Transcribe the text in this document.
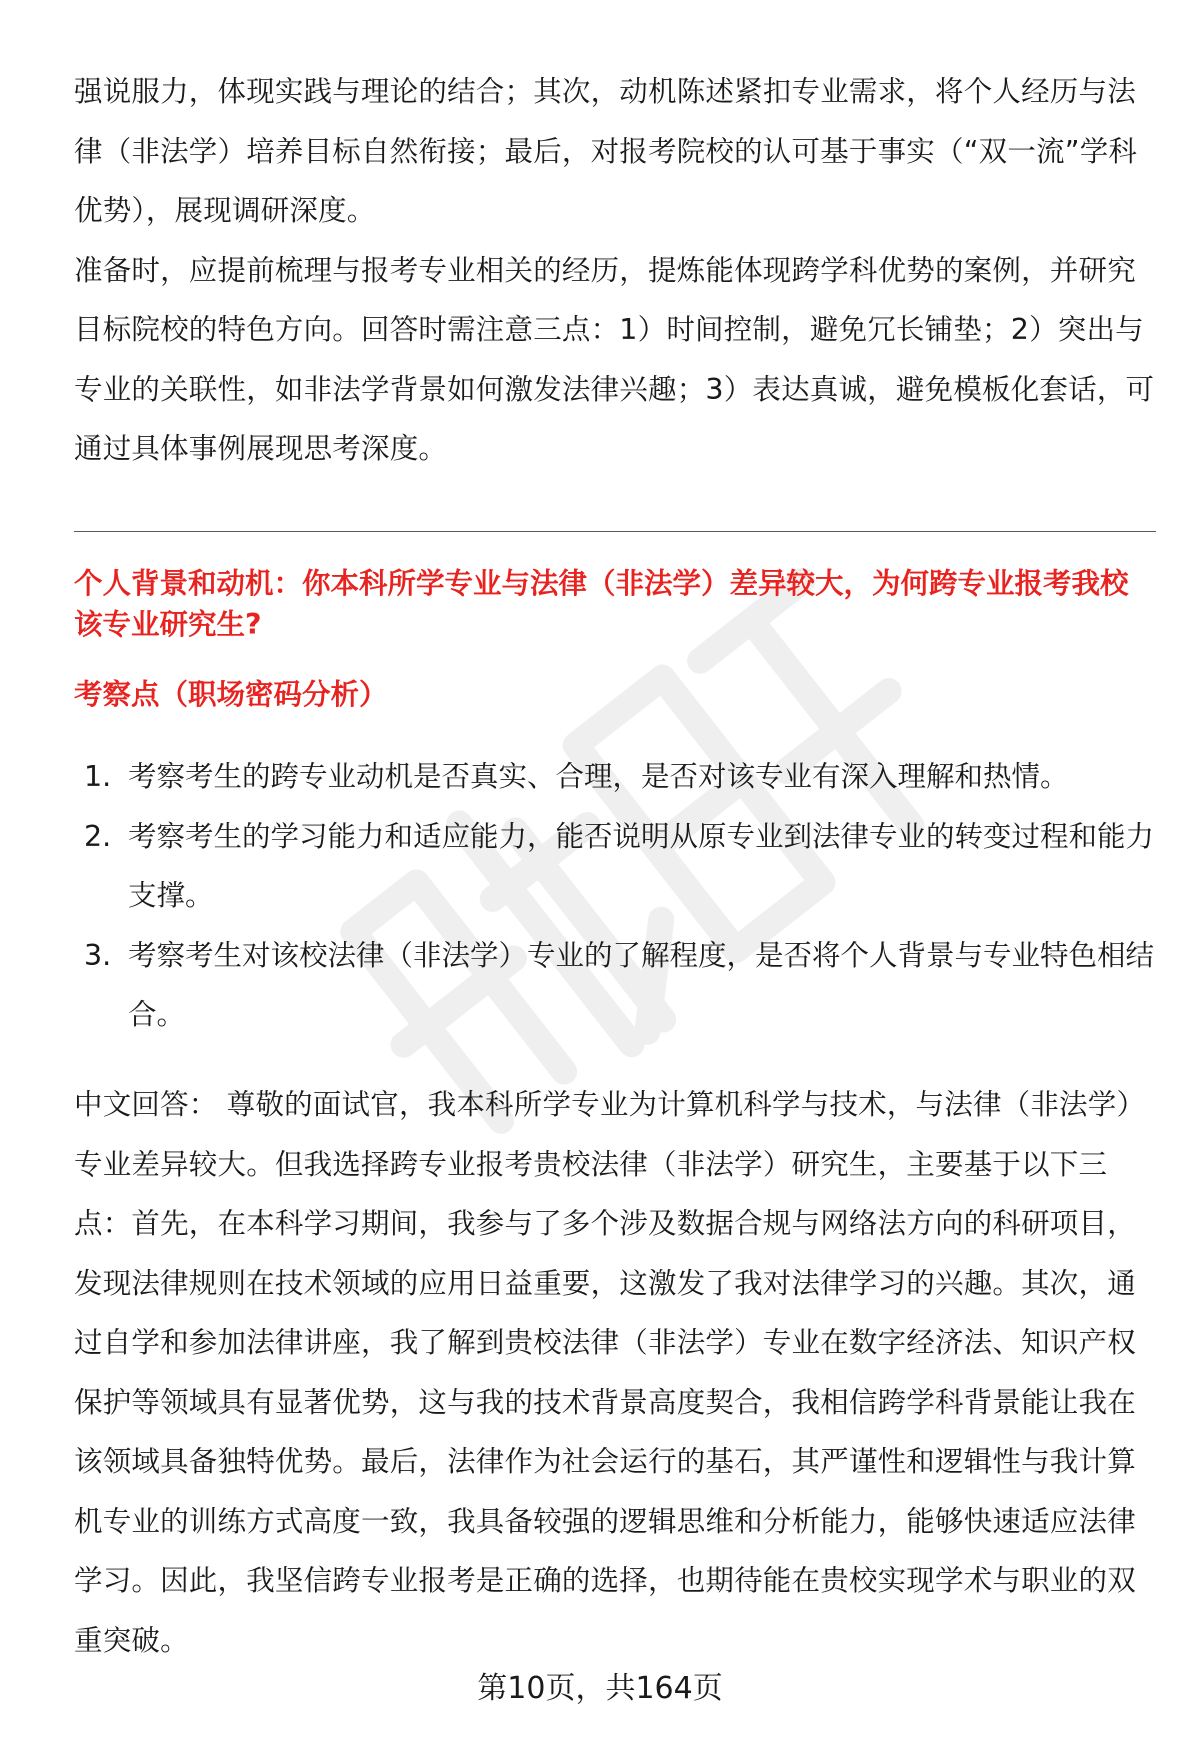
强说服力，体现实践与理论的结合；其次，动机陈述紧扣专业需求，将个人经历与法律（非法学）培养目标自然衔接；最后，对报考院校的认可基于事实（“双一流”学科优势），展现调研深度。

准备时，应提前梳理与报考专业相关的经历，提炼能体现跨学科优势的案例，并研究目标院校的特色方向。回答时需注意三点：1）时间控制，避免冗长铺垫；2）突出与专业的关联性，如非法学背景如何激发法律兴趣；3）表达真诚，避免模板化套话，可通过具体事例展现思考深度。

个人背景和动机：你本科所学专业与法律（非法学）差异较大，为何跨专业报考我校该专业研究生?
考察点（职场密码分析）
1. 考察考生的跨专业动机是否真实、合理，是否对该专业有深入理解和热情。
2. 考察考生的学习能力和适应能力，能否说明从原专业到法律专业的转变过程和能力支撑。
3. 考察考生对该校法律（非法学）专业的了解程度，是否将个人背景与专业特色相结合。

中文回答： 尊敬的面试官，我本科所学专业为计算机科学与技术，与法律（非法学）专业差异较大。但我选择跨专业报考贵校法律（非法学）研究生，主要基于以下三点：首先，在本科学习期间，我参与了多个涉及数据合规与网络法方向的科研项目，发现法律规则在技术领域的应用日益重要，这激发了我对法律学习的兴趣。其次，通过自学和参加法律讲座，我了解到贵校法律（非法学）专业在数字经济法、知识产权保护等领域具有显著优势，这与我的技术背景高度契合，我相信跨学科背景能让我在该领域具备独特优势。最后，法律作为社会运行的基石，其严谨性和逻辑性与我计算机专业的训练方式高度一致，我具备较强的逻辑思维和分析能力，能够快速适应法律学习。因此，我坚信跨专业报考是正确的选择，也期待能在贵校实现学术与职业的双重突破。

第10页，共164页
